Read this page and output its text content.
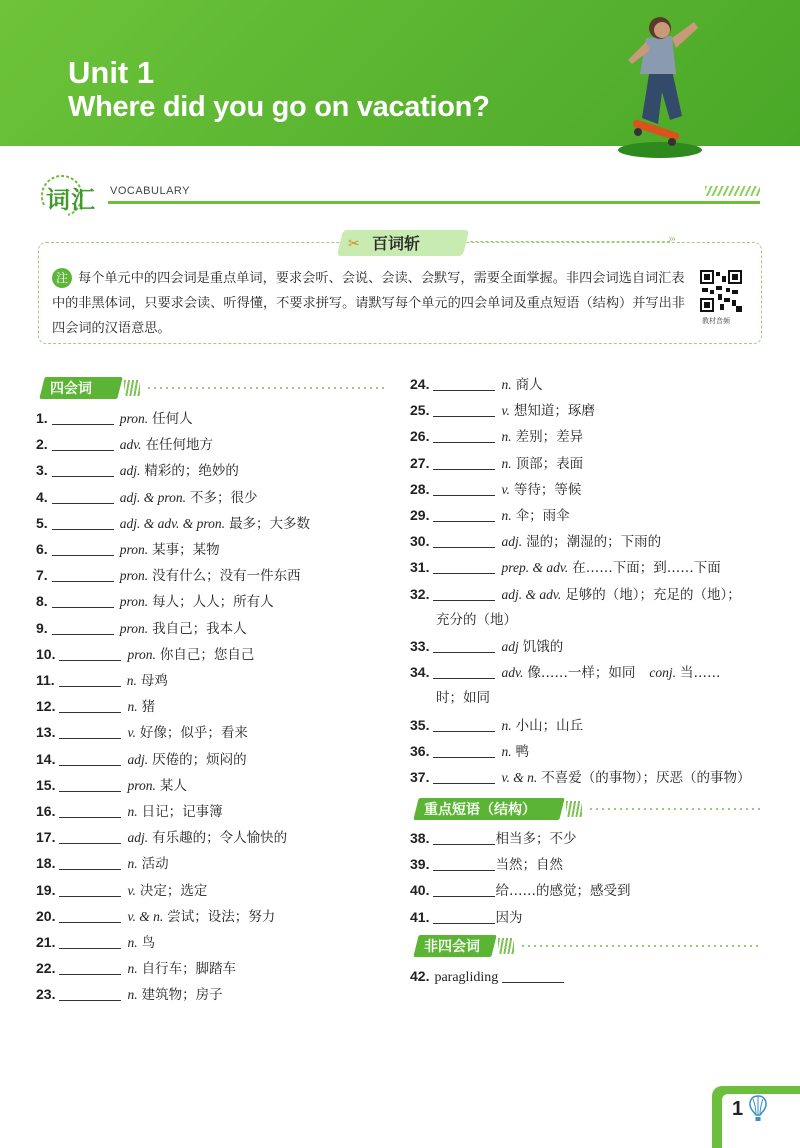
Unit 1
Where did you go on vacation?
词汇 VOCABULARY
›››
✂ 百词斩
注 每个单元中的四会词是重点单词，要求会听、会说、会读、会默写，需要全面掌握。非四会词选自词汇表中的非黑体词，只要求会读、听得懂，不要求拼写。请默写每个单元的四会单词及重点短语（结构）并写出非四会词的汉语意思。	教材音频
四会词
1.	pron. 任何人
2.	adv. 在任何地方
3.	adj. 精彩的；绝妙的
4.	adj. & pron. 不多；很少
5.	adj. & adv. & pron. 最多；大多数
6.	pron. 某事；某物
7.	pron. 没有什么；没有一件东西
8.	pron. 每人；人人；所有人
9.	pron. 我自己；我本人
10.	pron. 你自己；您自己
11.	n. 母鸡
12.	n. 猪
13.	v. 好像；似乎；看来
14.	adj. 厌倦的；烦闷的
15.	pron. 某人
16.	n. 日记；记事簿
17.	adj. 有乐趣的；令人愉快的
18.	n. 活动
19.	v. 决定；选定
20.	v. & n. 尝试；设法；努力
21.	n. 鸟
22.	n. 自行车；脚踏车
23.	n. 建筑物；房子
24.	n. 商人
25.	v. 想知道；琢磨
26.	n. 差别；差异
27.	n. 顶部；表面
28.	v. 等待；等候
29.	n. 伞；雨伞
30.	adj. 湿的；潮湿的；下雨的
31.	prep. & adv. 在……下面；到……下面
32.	adj. & adv. 足够的（地）；充足的（地）；
充分的（地）
33.	adj 饥饿的
34.	adv. 像……一样；如同 conj. 当……
时；如同
35.	n. 小山；山丘
36.	n. 鸭
37.	v. & n. 不喜爱（的事物）；厌恶（的事物）
重点短语（结构）
38.	相当多；不少
39.	当然；自然
40.	给……的感觉；感受到
41.	因为
非四会词
42. paragliding
1
